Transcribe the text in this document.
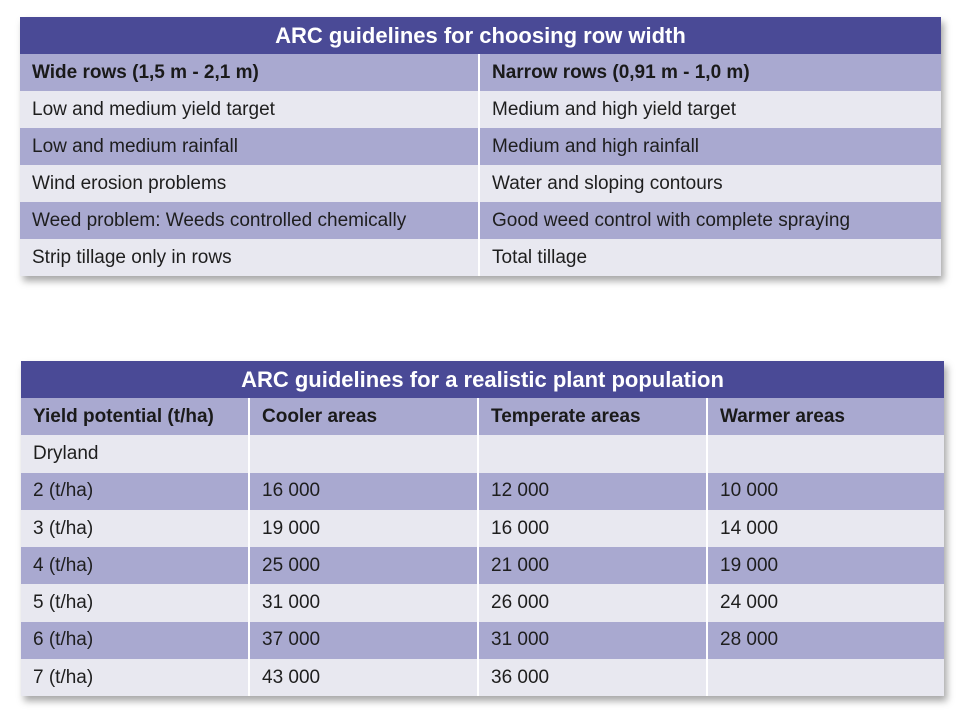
ARC guidelines for choosing row width
Wide rows (1,5 m - 2,1 m)	Narrow rows (0,91 m - 1,0 m)
Low and medium yield target	Medium and high yield target
Low and medium rainfall	Medium and high rainfall
Wind erosion problems	Water and sloping contours
Weed problem: Weeds controlled chemically	Good weed control with complete spraying
Strip tillage only in rows	Total tillage
ARC guidelines for a realistic plant population
Yield potential (t/ha)	Cooler areas	Temperate areas	Warmer areas
Dryland
2 (t/ha)	16 000	12 000	10 000
3 (t/ha)	19 000	16 000	14 000
4 (t/ha)	25 000	21 000	19 000
5 (t/ha)	31 000	26 000	24 000
6 (t/ha)	37 000	31 000	28 000
7 (t/ha)	43 000	36 000
